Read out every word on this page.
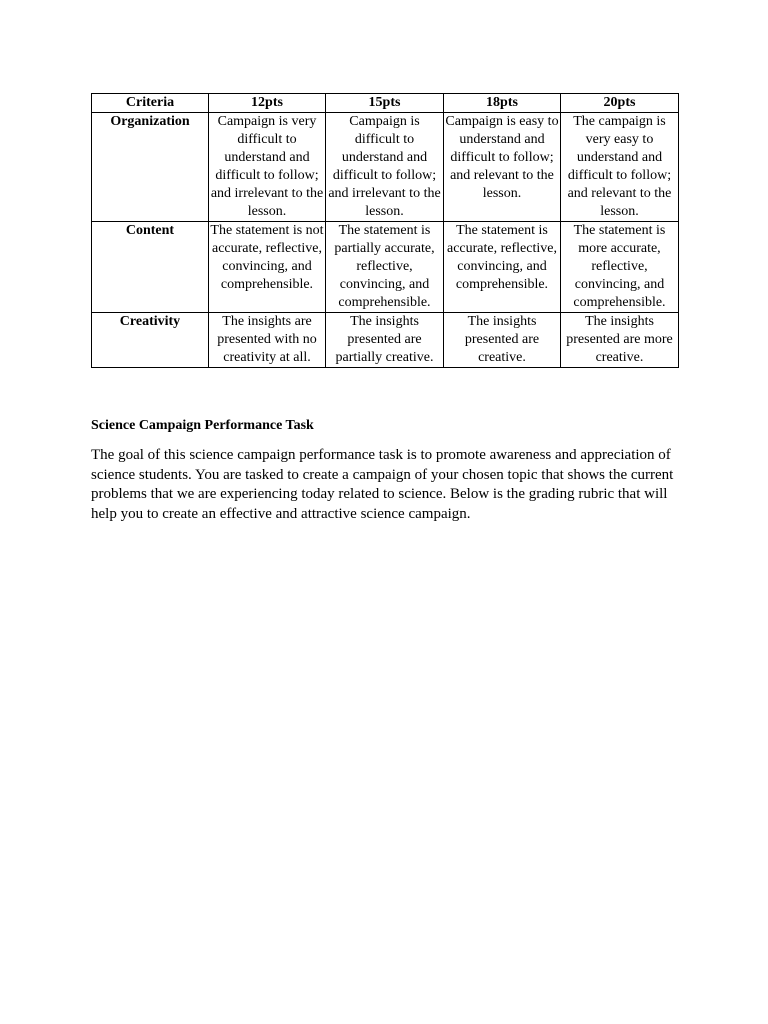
Criteria	12pts	15pts	18pts	20pts
Organization	Campaign is very difficult to understand and difficult to follow; and irrelevant to the lesson.	Campaign is difficult to understand and difficult to follow; and irrelevant to the lesson.	Campaign is easy to understand and difficult to follow; and relevant to the lesson.	The campaign is very easy to understand and difficult to follow; and relevant to the lesson.
Content	The statement is not accurate, reflective, convincing, and comprehensible.	The statement is partially accurate, reflective, convincing, and comprehensible.	The statement is accurate, reflective, convincing, and comprehensible.	The statement is more accurate, reflective, convincing, and comprehensible.
Creativity	The insights are presented with no creativity at all.	The insights presented are partially creative.	The insights presented are creative.	The insights presented are more creative.

Science Campaign Performance Task

The goal of this science campaign performance task is to promote awareness and appreciation of science students. You are tasked to create a campaign of your chosen topic that shows the current problems that we are experiencing today related to science. Below is the grading rubric that will help you to create an effective and attractive science campaign.
